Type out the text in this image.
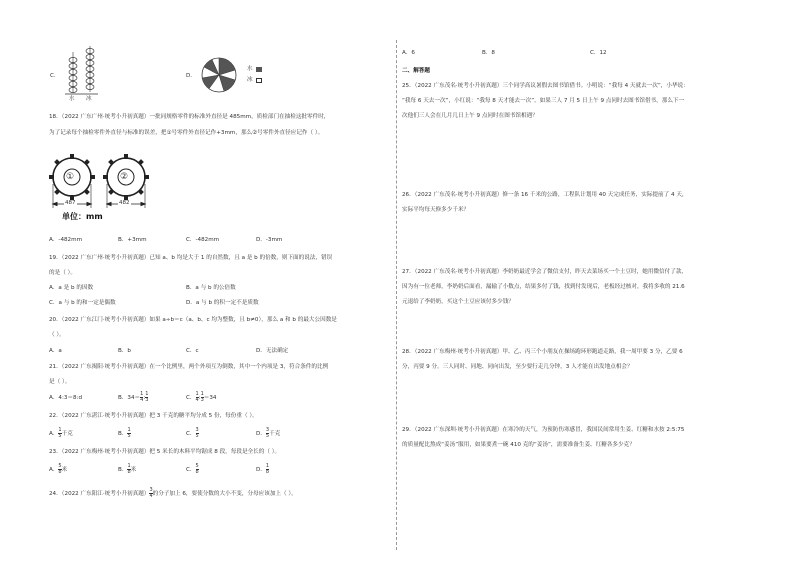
C.
水 冰
D.
水
冰
18．（2022 广东广州·统考小升初真题）一批同规格零件的标准外直径是 485mm，质检部门在抽检这批零件时，
为了记录每个抽检零件外直径与标准的误差，把①号零件外直径记作+3mm，那么②号零件外直径应记作（ ）。
①	②
487	482
单位：mm
A．-482mm	B．+3mm	C．-482mm	D．-3mm
19．（2022 广东广州·统考小升初真题）已知 a、b 均是大于 1 的自然数，且 a 是 b 的倍数，则下面的说法，错误
的是（ ）。
A．a 是 b 的因数	B．a 与 b 的公倍数
C．a 与 b 的和一定是偶数	D．a 与 b 的积一定不是质数
20．（2022 广东江门·统考小升初真题）如果 a÷b＝c（a、b、c 均为整数，且 b≠0），那么 a 和 b 的最大公因数是
（ ）。
A．a	B．b	C．c	D．无法确定
21．（2022 广东揭阳·统考小升初真题）在一个比例里，两个外项互为倒数，其中一个内项是 3，符合条件的比例
是（ ）。
A．4:3＝8:d	B．$34= \frac{1}{4}$ : $\frac{1}{3}$	C． $\frac{1}{4}$ : $\frac{1}{3} =34$
22．（2022 广东湛江·统考小升初真题）把 3 千克的糖平均分成 5 份，每份重（ ）。
A． $\frac{1}{5}$ 千克	B． $\frac{1}{5}$	C． $\frac{3}{5}$	D． $\frac{3}{5}$ 千克
23．（2022 广东梅州·统考小升初真题）把 5 米长的木料平均锯成 8 段，每段是全长的（ ）。
A． $\frac{5}{8}$ 米	B． $\frac{1}{8}$ 米	C． $\frac{5}{8}$	D． $\frac{1}{8}$
24．（2022 广东阳江·统考小升初真题） $\frac{3}{4}$ 的分子加上 6，要使分数的大小不变，分母应该加上（ ）。
A．6	B．8	C．12
二、解答题
25．（2022 广东茂名·统考小升初真题）三个同学高议暑假去图书馆借书。小明说：“我每 4 天就去一次”，小华说：
“我每 6 天去一次”，小红说：“我每 8 天才能去一次”。如果三人 7 月 5 日上午 9 点同时去图书馆借书，那么下一
次他们三人会在几月几日上午 9 点同时在图书馆相遇？
26．（2022 广东茂名·统考小升初真题）修一条 16 千米的公路，工程队计划用 40 天完成任务，实际提前了 4 天，
实际平均每天修多少千米？
27．（2022 广东茂名·统考小升初真题）李奶奶最近学会了微信支付，昨天去菜场买一个土豆时，她用微信付了款，
因为有一位老师，李奶奶后面看，漏输了小数点，结果多付了钱，找到付发现后，老板经过核对，我将多收的 21.6
元退给了李奶奶，买这个土豆应该付多少钱？
28．（2022 广东梅州·统考小升初真题）甲、乙、丙三个小朋友在操场跑环形跑道走路，我一周甲要 3 分，乙要 6
分，丙要 9 分。三人同时、同地、同向出发，至少要行走几分钟，3 人才能在出发地点相会？
29．（2022 广东深圳·统考小升初真题）在寒冷的天气，为预防伤寒感冒，我国民间常用生姜、红糖和水按 2:5:75
的质量配比熬成“姜汤”服用，如果要煮一碗 410 克的“姜汤”，需要准备生姜、红糖各多少克？
